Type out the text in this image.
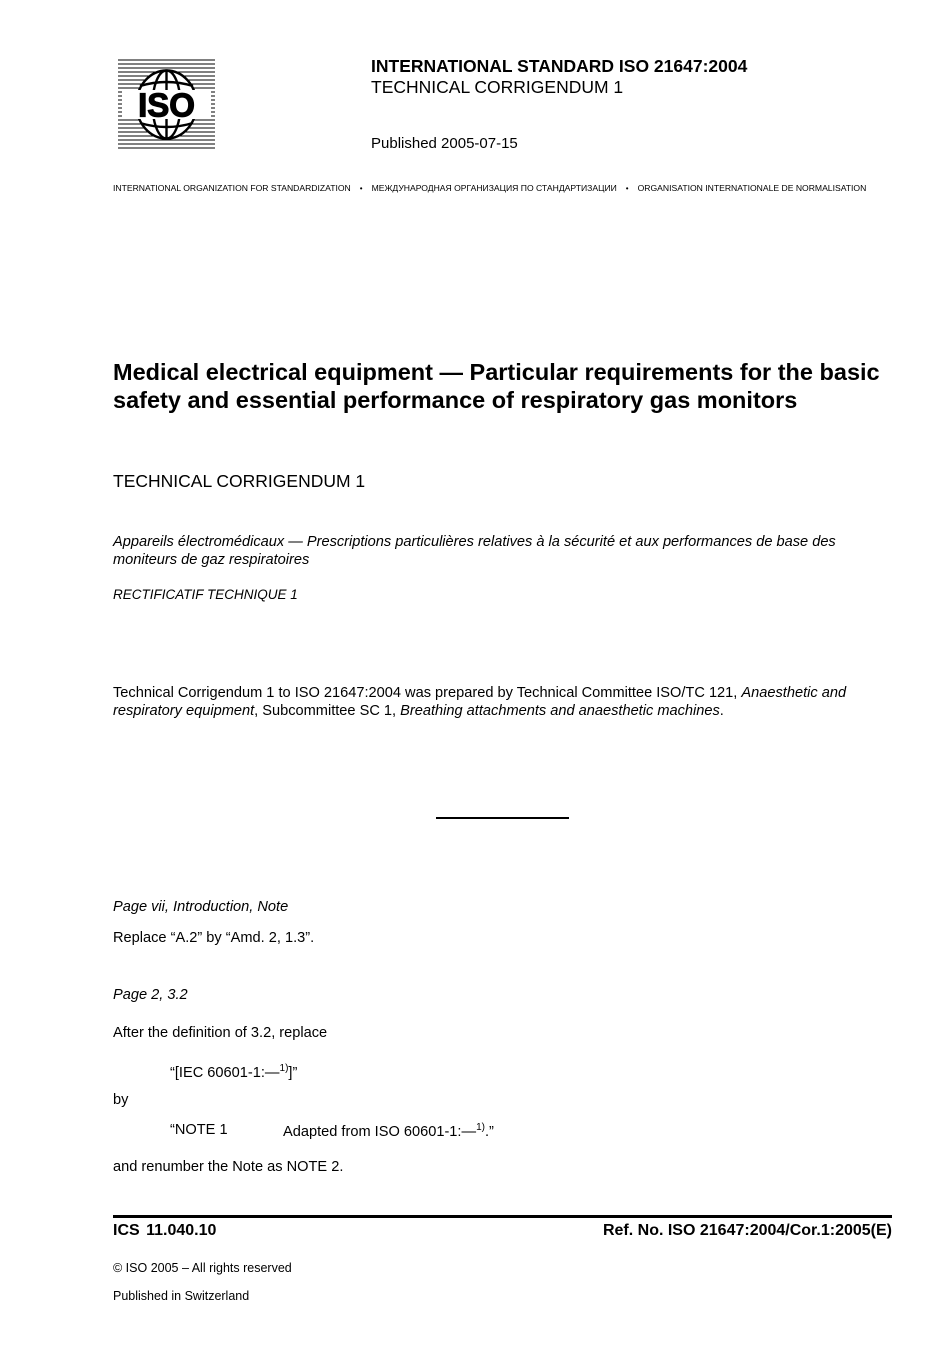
ISO
INTERNATIONAL STANDARD ISO 21647:2004
TECHNICAL CORRIGENDUM 1
Published 2005-07-15
INTERNATIONAL ORGANIZATION FOR STANDARDIZATION • МЕЖДУНАРОДНАЯ ОРГАНИЗАЦИЯ ПО СТАНДАРТИЗАЦИИ • ORGANISATION INTERNATIONALE DE NORMALISATION
Medical electrical equipment — Particular requirements for the basic safety and essential performance of respiratory gas monitors
TECHNICAL CORRIGENDUM 1
Appareils électromédicaux — Prescriptions particulières relatives à la sécurité et aux performances de base des moniteurs de gaz respiratoires
RECTIFICATIF TECHNIQUE 1
Technical Corrigendum 1 to ISO 21647:2004 was prepared by Technical Committee ISO/TC 121, Anaesthetic and respiratory equipment, Subcommittee SC 1, Breathing attachments and anaesthetic machines.
Page vii, Introduction, Note
Replace “A.2” by “Amd. 2, 1.3”.
Page 2, 3.2
After the definition of 3.2, replace
“[IEC 60601-1:—$^{1)}$]”
by
“NOTE 1	Adapted from ISO 60601-1:—$^{1)}$.”
and renumber the Note as NOTE 2.
ICS 11.040.10	Ref. No. ISO 21647:2004/Cor.1:2005(E)
© ISO 2005 – All rights reserved
Published in Switzerland
